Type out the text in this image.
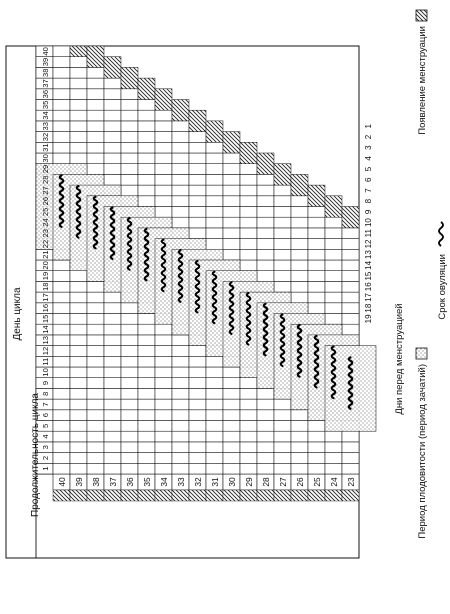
1
2
3
4
5
6
7
8
9
10
11
12
13
14
15
16
17
18
19
20
21
22
23
24
25
26
27
28
29
30
31
32
33
34
35
36
37
38
39
40
40 39 38 37 36 35 34 33 32 31 30 29 28 27 26 25 24 23
19
18
17
16
15
14
13
12
11
10
9
8
7
6
5
4
3
2
1
День цикла	Дни перед менструацией
Появление менструации
Период плодовитости (период зачатий)
Срок овуляции
Продолжительность цикла
